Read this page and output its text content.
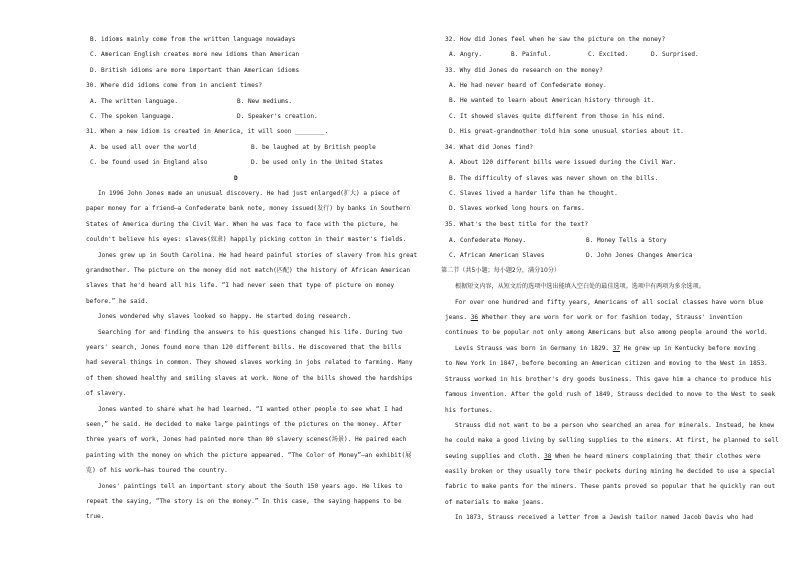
B. idioms mainly come from the written language nowadays
C. American English creates more new idioms than American
D. British idioms are more important than American idioms
30. Where did idioms come from in ancient times?
A. The written language.	B. New mediums.
C. The spoken language.	D. Speaker's creation.
31. When a new idiom is created in America, it will soon ________.
A. be used all over the world	B. be laughed at by British people
C. be found used in England also	D. be used only in the United States
D
In 1996 John Jones made an unusual discovery. He had just enlarged(扩大) a piece of
paper money for a friend—a Confederate bank note, money issued(发行) by banks in Southern
States of America during the Civil War. When he was face to face with the picture, he
couldn't believe his eyes: slaves(奴隶) happily picking cotton in their master's fields.
Jones grew up in South Carolina. He had heard painful stories of slavery from his great
grandmother. The picture on the money did not match(匹配) the history of African American
slaves that he'd heard all his life. “I had never seen that type of picture on money
before.” he said.
Jones wondered why slaves looked so happy. He started doing research.
Searching for and finding the answers to his questions changed his life. During two
years' search, Jones found more than 120 different bills. He discovered that the bills
had several things in common. They showed slaves working in jobs related to farming. Many
of them showed healthy and smiling slaves at work. None of the bills showed the hardships
of slavery.
Jones wanted to share what he had learned. “I wanted other people to see what I had
seen,” he said. He decided to make large paintings of the pictures on the money. After
three years of work, Jones had painted more than 80 slavery scenes(场景). He paired each
painting with the money on which the picture appeared. “The Color of Money”—an exhibit(展
览) of his work—has toured the country.
Jones' paintings tell an important story about the South 150 years ago. He likes to
repeat the saying, “The story is on the money.” In this case, the saying happens to be
true.
32. How did Jones feel when he saw the picture on the money?
A. Angry.	B. Painful.	C. Excited.	D. Surprised.
33. Why did Jones do research on the money?
A. He had never heard of Confederate money.
B. He wanted to learn about American history through it.
C. It showed slaves quite different from those in his mind.
D. His great-grandmother told him some unusual stories about it.
34. What did Jones find?
A. About 120 different bills were issued during the Civil War.
B. The difficulty of slaves was never shown on the bills.
C. Slaves lived a harder life than he thought.
D. Slaves worked long hours on farms.
35. What's the best title for the text?
A. Confederate Money.	B. Money Tells a Story
C. African American Slaves	D. John Jones Changes America
第二节（共5小题；每小题2分，满分10分）
根据短文内容，从短文后的选项中选出能填入空白处的最佳选项。选项中有两项为多余选项。
For over one hundred and fifty years, Americans of all social classes have worn blue
jeans. 36 Whether they are worn for work or for fashion today, Strauss' invention
continues to be popular not only among Americans but also among people around the world.
Levis Strauss was born in Germany in 1829. 37 He grew up in Kentucky before moving
to New York in 1847, before becoming an American citizen and moving to the West in 1853.
Strauss worked in his brother's dry goods business. This gave him a chance to produce his
famous invention. After the gold rush of 1849, Strauss decided to move to the West to seek
his fortunes.
Strauss did not want to be a person who searched an area for minerals. Instead, he knew
he could make a good living by selling supplies to the miners. At first, he planned to sell
sewing supplies and cloth. 38 When he heard miners complaining that their clothes were
easily broken or they usually tore their pockets during mining he decided to use a special
fabric to make pants for the miners. These pants proved so popular that he quickly ran out
of materials to make jeans.
In 1873, Strauss received a letter from a Jewish tailor named Jacob Davis who had
